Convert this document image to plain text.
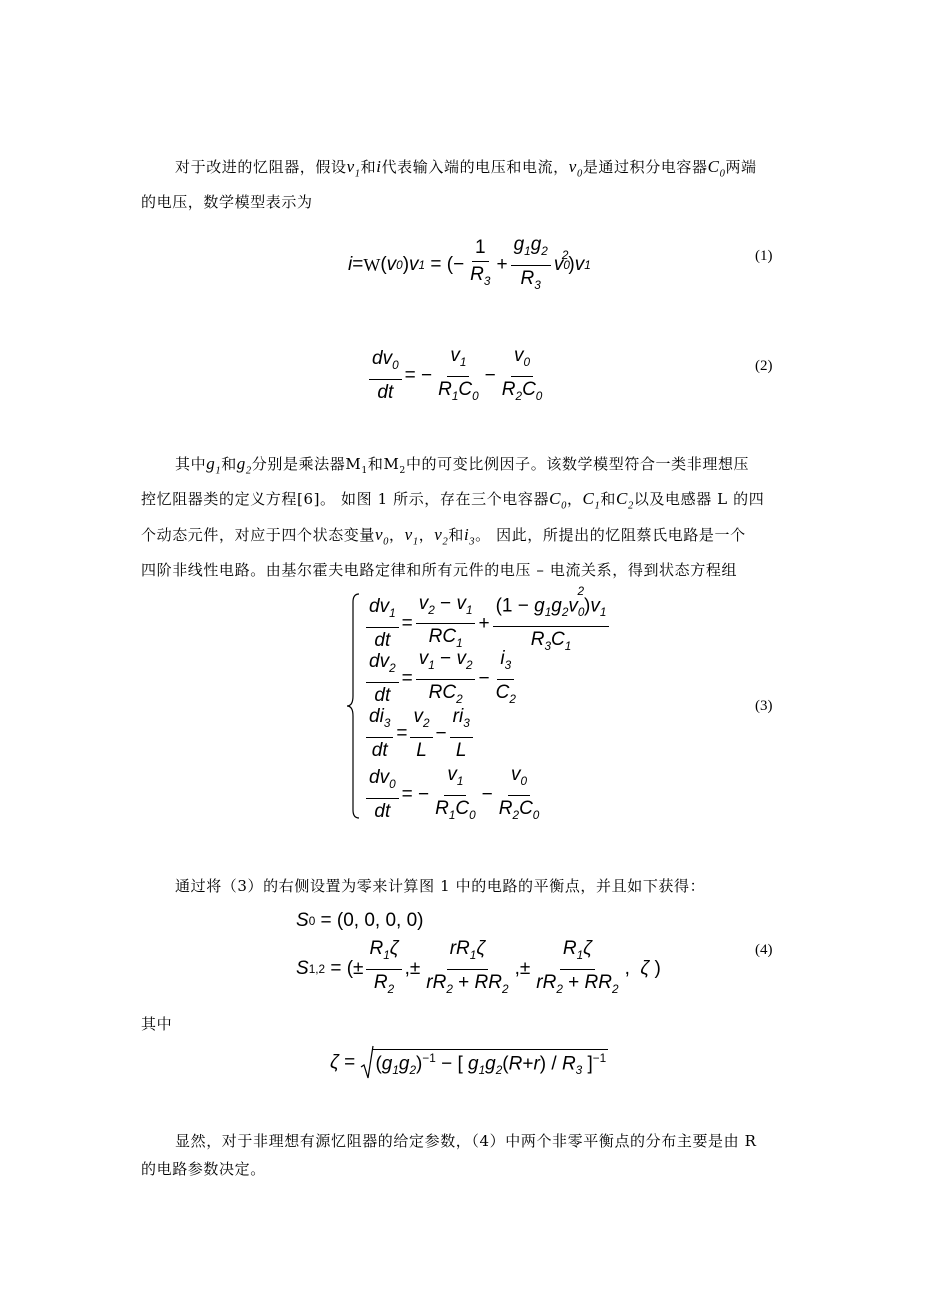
对于改进的忆阻器，假设$v_1$和i代表输入端的电压和电流，$v_0$是通过积分电容器$C_0$两端
的电压，数学模型表示为
i = W ( v 0 ) v 1 = (− $\frac{1}{R_3} + \frac{g_1g_2}{R_3}$ v 0
$^2$ ) v 1
(1)
$\frac{dv_0}{dt}$ = − $\frac{v_1}{R_1C_0} - \frac{v_0}{R_2C_0}$	(2)
其中$g_1$和$g_2$分别是乘法器$M_1$和$M_2$中的可变比例因子。该数学模型符合一类非理想压
控忆阻器类的定义方程[6]。 如图 1 所示，存在三个电容器$C_0$，$C_1$和$C_2$以及电感器 L 的四
个动态元件，对应于四个状态变量$v_0$，$v_1$，$v_2$和$i_3$。 因此，所提出的忆阻蔡氏电路是一个
四阶非线性电路。由基尔霍夫电路定律和所有元件的电压 – 电流关系，得到状态方程组
$\frac{dv_1}{dt} = \frac{v_2 - v_1}{RC_1} + \frac{(1 - g_1g_2v_0^2)v_1}{R_3C_1}$
$\frac{dv_2}{dt} = \frac{v_1 - v_2}{RC_2} - \frac{i_3}{C_2}$
$\frac{di_3}{dt} = \frac{v_2}{L} - \frac{ri_3}{L}$
$\frac{dv_0}{dt}$ = − $\frac{v_1}{R_1C_0} - \frac{v_0}{R_2C_0}$
(3)
通过将（3）的右侧设置为零来计算图 1 中的电路的平衡点，并且如下获得：
S 0 = (0, 0, 0, 0)
S 1,2 = (± $\frac{R_1\zeta}{R_2}$ ,± $\frac{rR_1\zeta}{rR_2 + RR_2}$ ,± $\frac{R_1\zeta}{rR_2 + RR_2}$ , ζ )
(4)
其中
$\zeta = (g_1g_2)^{-1}$ − [ $g_1g_2(R+r) / R_3$ ]$^{-1}$
显然，对于非理想有源忆阻器的给定参数，（4）中两个非零平衡点的分布主要是由 R
的电路参数决定。
